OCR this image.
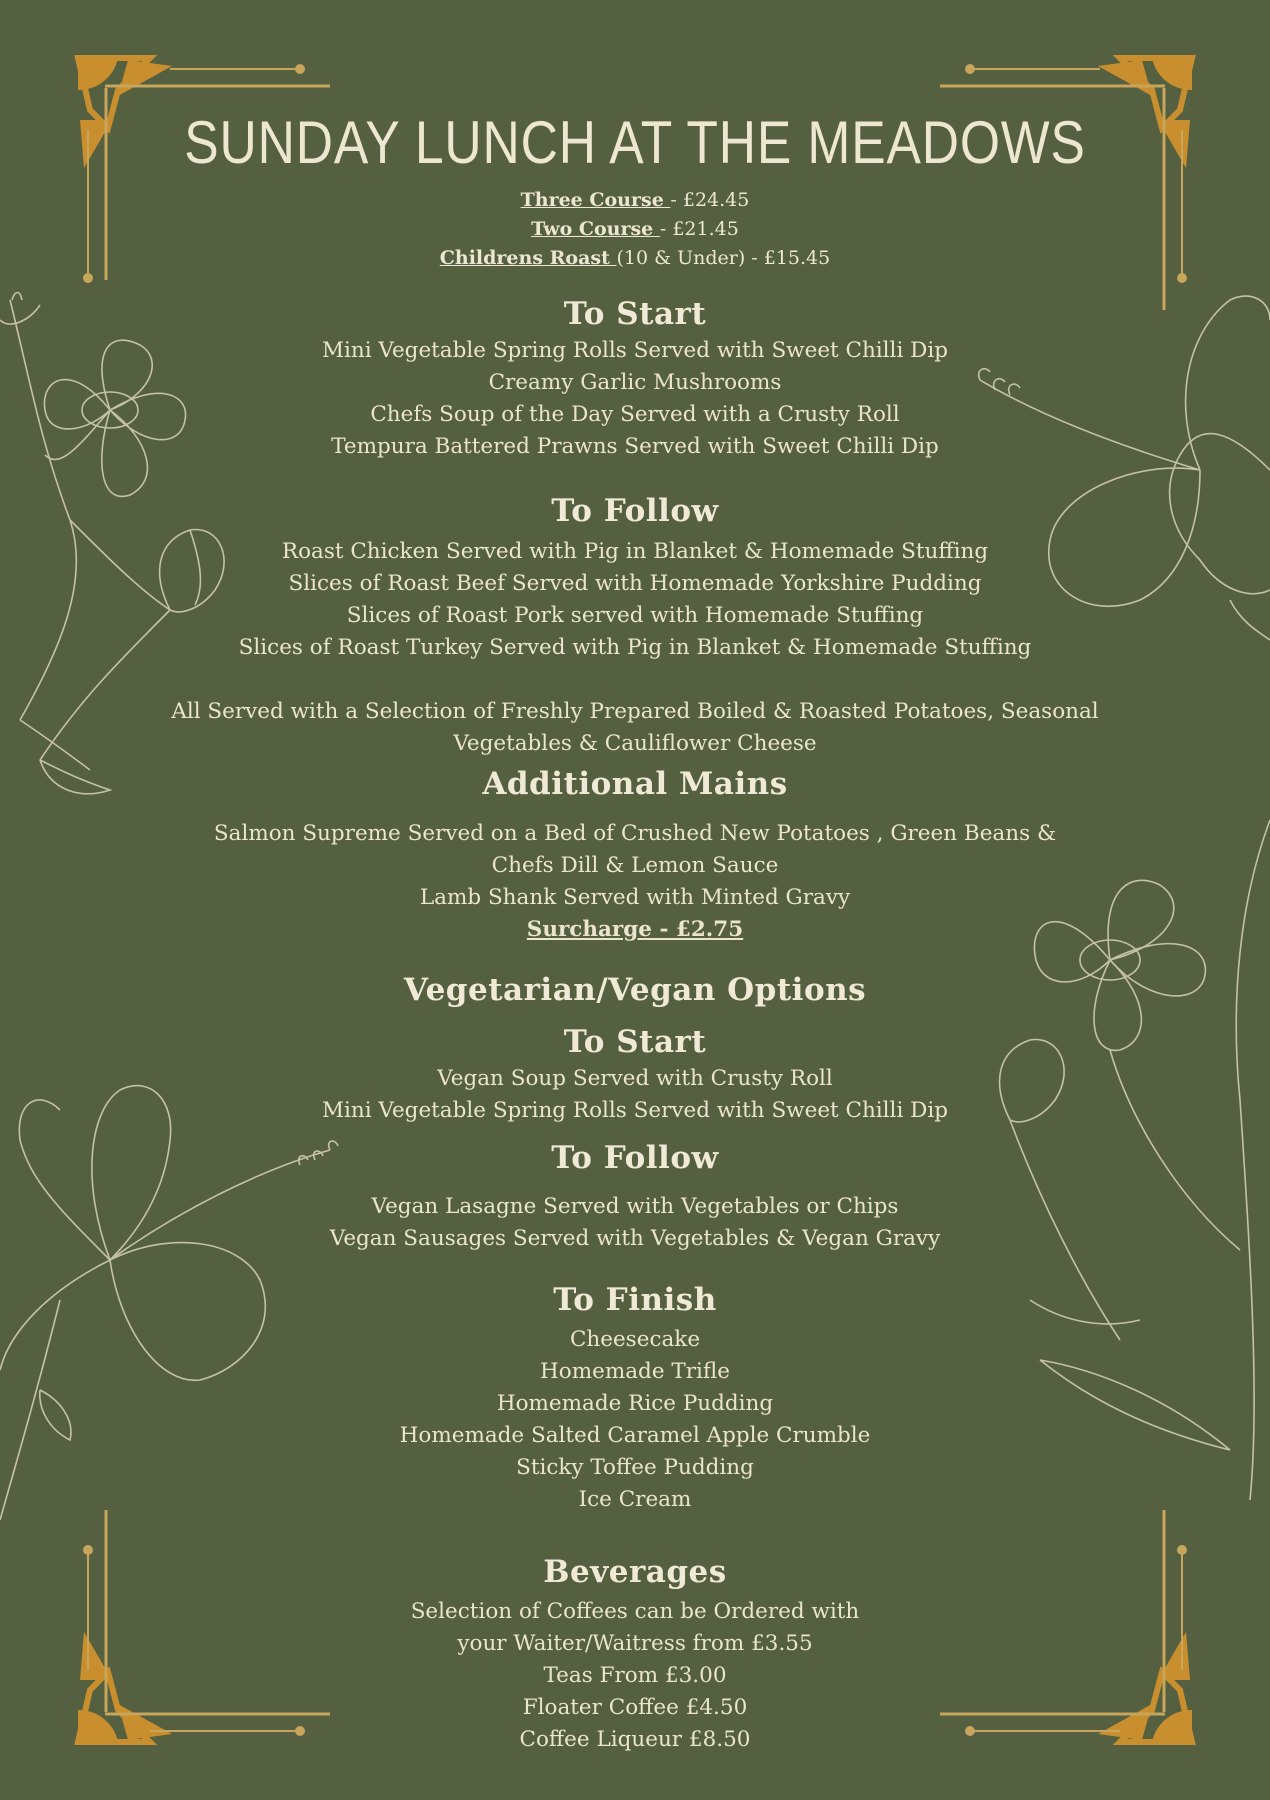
SUNDAY LUNCH AT THE MEADOWS
Three Course - £24.45
Two Course - £21.45
Childrens Roast (10 & Under) - £15.45
To Start
Mini Vegetable Spring Rolls Served with Sweet Chilli Dip
Creamy Garlic Mushrooms
Chefs Soup of the Day Served with a Crusty Roll
Tempura Battered Prawns Served with Sweet Chilli Dip
To Follow
Roast Chicken Served with Pig in Blanket & Homemade Stuffing
Slices of Roast Beef Served with Homemade Yorkshire Pudding
Slices of Roast Pork served with Homemade Stuffing
Slices of Roast Turkey Served with Pig in Blanket & Homemade Stuffing
All Served with a Selection of Freshly Prepared Boiled & Roasted Potatoes, Seasonal
Vegetables & Cauliflower Cheese
Additional Mains
Salmon Supreme Served on a Bed of Crushed New Potatoes , Green Beans &
Chefs Dill & Lemon Sauce
Lamb Shank Served with Minted Gravy
Surcharge - £2.75
Vegetarian/Vegan Options
To Start
Vegan Soup Served with Crusty Roll
Mini Vegetable Spring Rolls Served with Sweet Chilli Dip
To Follow
Vegan Lasagne Served with Vegetables or Chips
Vegan Sausages Served with Vegetables & Vegan Gravy
To Finish
Cheesecake
Homemade Trifle
Homemade Rice Pudding
Homemade Salted Caramel Apple Crumble
Sticky Toffee Pudding
Ice Cream
Beverages
Selection of Coffees can be Ordered with
your Waiter/Waitress from £3.55
Teas From £3.00
Floater Coffee £4.50
Coffee Liqueur £8.50
